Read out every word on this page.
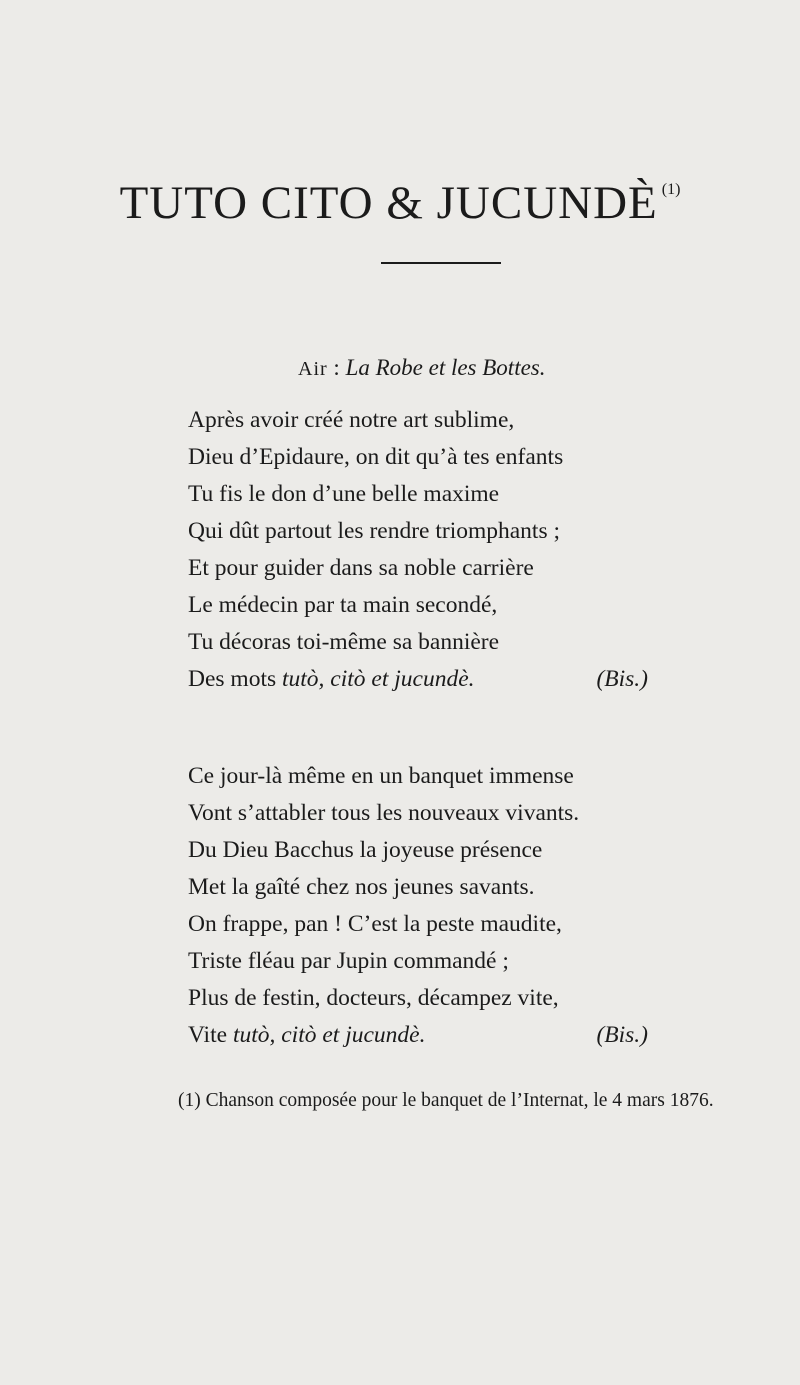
TUTO CITO & JUCUNDÈ $^{(1)}$
Air : La Robe et les Bottes.
Après avoir créé notre art sublime,
Dieu d’Epidaure, on dit qu’à tes enfants
Tu fis le don d’une belle maxime
Qui dût partout les rendre triomphants ;
Et pour guider dans sa noble carrière
Le médecin par ta main secondé,
Tu décoras toi-même sa bannière
Des mots tutò, citò et jucundè.	(Bis.)
Ce jour-là même en un banquet immense
Vont s’attabler tous les nouveaux vivants.
Du Dieu Bacchus la joyeuse présence
Met la gaîté chez nos jeunes savants.
On frappe, pan ! C’est la peste maudite,
Triste fléau par Jupin commandé ;
Plus de festin, docteurs, décampez vite,
Vite tutò, citò et jucundè.	(Bis.)
(1) Chanson composée pour le banquet de l’Internat, le 4 mars 1876.
